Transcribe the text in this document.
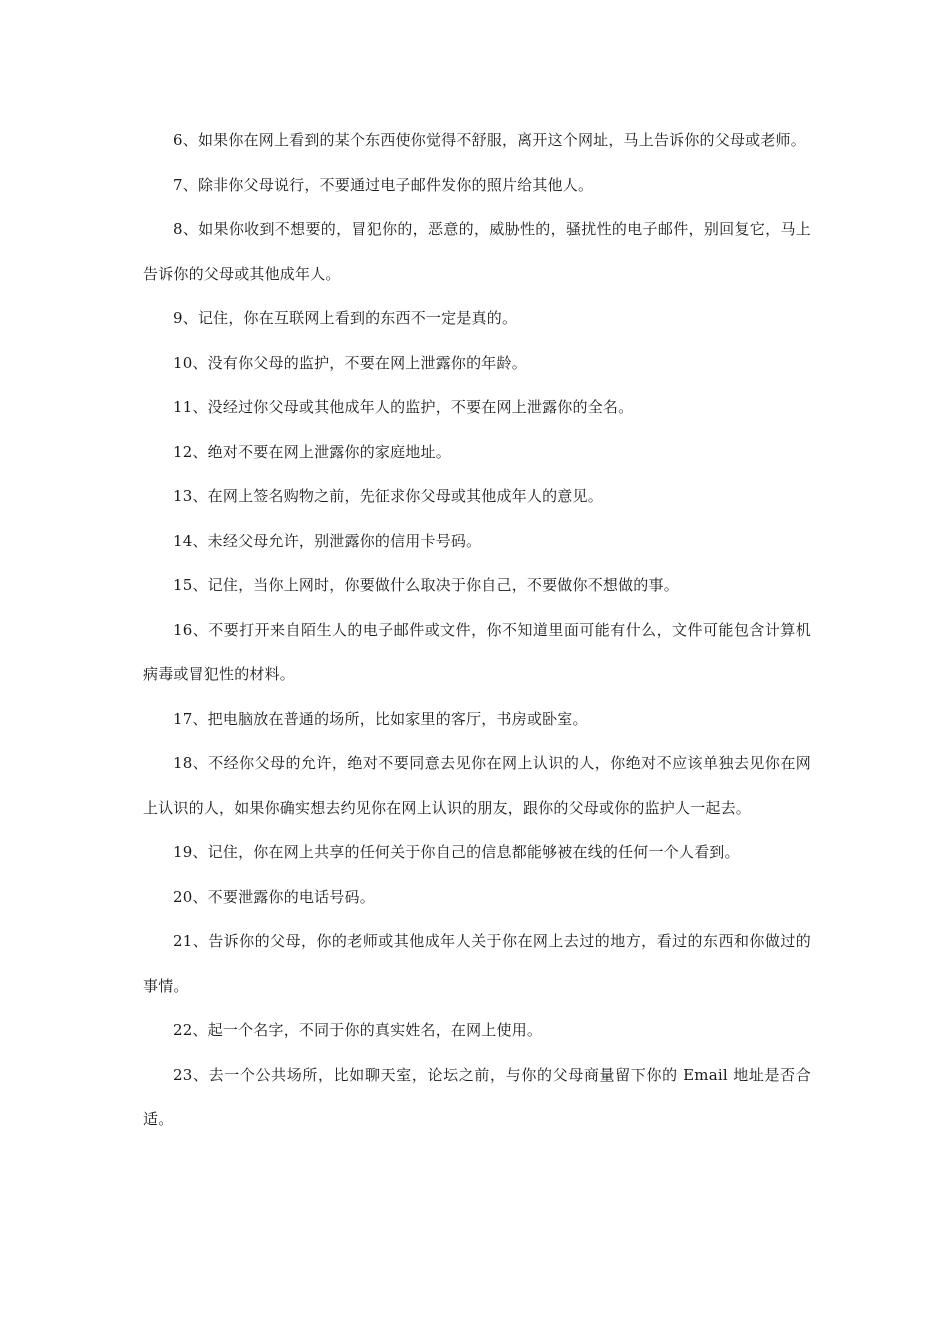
6、如果你在网上看到的某个东西使你觉得不舒服，离开这个网址，马上告诉你的父母或老师。

7、除非你父母说行，不要通过电子邮件发你的照片给其他人。

8、如果你收到不想要的，冒犯你的，恶意的，威胁性的，骚扰性的电子邮件，别回复它，马上告诉你的父母或其他成年人。

9、记住，你在互联网上看到的东西不一定是真的。

10、没有你父母的监护，不要在网上泄露你的年龄。

11、没经过你父母或其他成年人的监护，不要在网上泄露你的全名。

12、绝对不要在网上泄露你的家庭地址。

13、在网上签名购物之前，先征求你父母或其他成年人的意见。

14、未经父母允许，别泄露你的信用卡号码。

15、记住，当你上网时，你要做什么取决于你自己，不要做你不想做的事。

16、不要打开来自陌生人的电子邮件或文件，你不知道里面可能有什么，文件可能包含计算机病毒或冒犯性的材料。

17、把电脑放在普通的场所，比如家里的客厅，书房或卧室。

18、不经你父母的允许，绝对不要同意去见你在网上认识的人，你绝对不应该单独去见你在网上认识的人，如果你确实想去约见你在网上认识的朋友，跟你的父母或你的监护人一起去。

19、记住，你在网上共享的任何关于你自己的信息都能够被在线的任何一个人看到。

20、不要泄露你的电话号码。

21、告诉你的父母，你的老师或其他成年人关于你在网上去过的地方，看过的东西和你做过的事情。

22、起一个名字，不同于你的真实姓名，在网上使用。

23、去一个公共场所，比如聊天室，论坛之前，与你的父母商量留下你的 Email 地址是否合适。
